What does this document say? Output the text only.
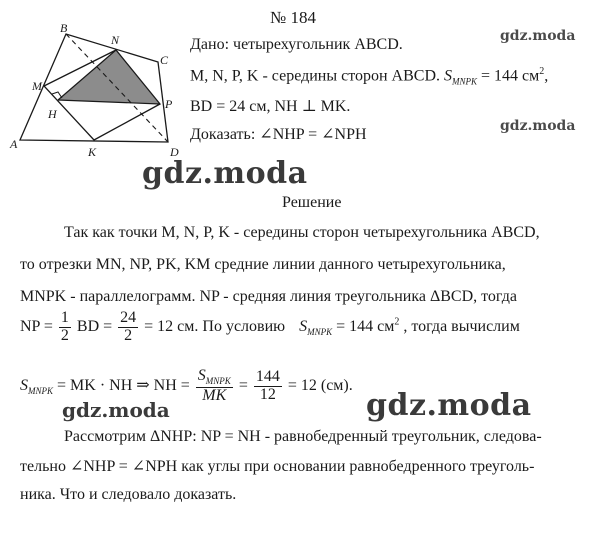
№ 184
A
B
C
D
M
N
P
K
H
Дано: четырехугольник ABCD.
M, N, P, K - середины сторон ABCD. $S_{MNPK} = 144$ $см^2$,
BD = 24 см, NH ⊥ MK.
Доказать: ∠NHP = ∠NPH
gdz.moda
gdz.moda
gdz.moda
Решение
Так как точки M, N, P, K - середины сторон четырехугольника ABCD,
то отрезки MN, NP, PK, KM средние линии данного четырехугольника,
MNPK - параллелограмм. NP - средняя линия треугольника ΔBCD, тогда
NP = $\frac{1}{2}$ BD = $\frac{24}{2} = 12$ см. По условию $S_{MNPK} = 144$ $см^2$ , тогда вычислим
$S_{MNPK}$ = MK · NH ⇒ NH = $\frac{S_{MNPK}}{MK} = \frac{144}{12} = 12$ (см).
gdz.moda	gdz.moda
Рассмотрим ΔNHP: NP = NH - равнобедренный треугольник, следова-
тельно ∠NHP = ∠NPH как углы при основании равнобедренного треуголь-
ника. Что и следовало доказать.
